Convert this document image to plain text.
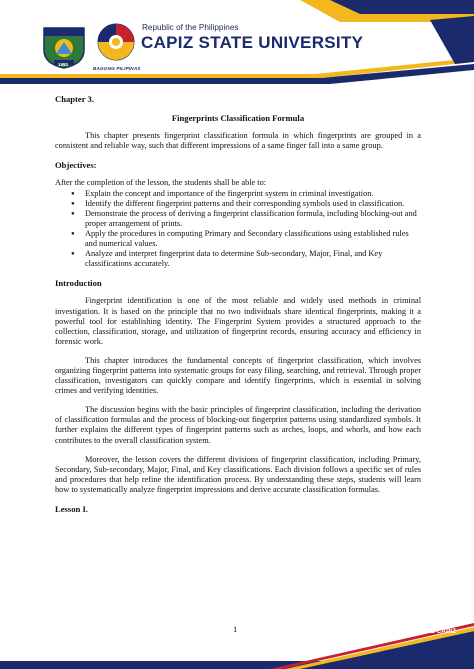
1980
Capiz State University
BAGONG PILIPINAS
Republic of the Philippines
CAPIZ STATE UNIVERSITY

Chapter 3.

Fingerprints Classification Formula

This chapter presents fingerprint classification formula in which fingerprints are grouped in a consistent and reliable way, such that different impressions of a same finger fall into a same group.

Objectives:

After the completion of the lesson, the students shall be able to:

● Explain the concept and importance of the fingerprint system in criminal investigation.
● Identify the different fingerprint patterns and their corresponding symbols used in classification.
● Demonstrate the process of deriving a fingerprint classification formula, including blocking-out and proper arrangement of prints.
● Apply the procedures in computing Primary and Secondary classifications using established rules and numerical values.
● Analyze and interpret fingerprint data to determine Sub-secondary, Major, Final, and Key classifications accurately.

Introduction

Fingerprint identification is one of the most reliable and widely used methods in criminal investigation. It is based on the principle that no two individuals share identical fingerprints, making it a powerful tool for establishing identity. The Fingerprint System provides a structured approach to the collection, classification, storage, and utilization of fingerprint records, ensuring accuracy and efficiency in forensic work.

This chapter introduces the fundamental concepts of fingerprint classification, which involves organizing fingerprint patterns into systematic groups for easy filing, searching, and retrieval. Through proper classification, investigators can quickly compare and identify fingerprints, which is essential in solving crimes and verifying identities.

The discussion begins with the basic principles of fingerprint classification, including the derivation of classification formulas and the process of blocking-out fingerprint patterns using standardized symbols. It further explains the different types of fingerprint patterns such as arches, loops, and whorls, and how each contributes to the overall classification system.

Moreover, the lesson covers the different divisions of fingerprint classification, including Primary, Secondary, Sub-secondary, Major, Final, and Key classifications. Each division follows a specific set of rules and procedures that help refine the identification process. By understanding these steps, students will learn how to systematically analyze fingerprint impressions and derive accurate classification formulas.

Lesson I.

1	RISE CAPSU, RISE CAPIZ
